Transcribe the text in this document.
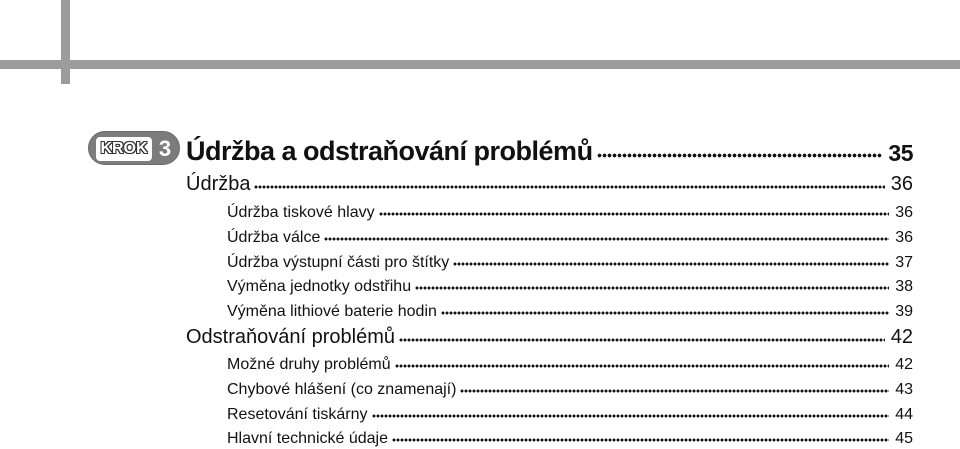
KROK 3 Údržba a odstraňování problémů	35
Údržba	36
Údržba tiskové hlavy	36
Údržba válce	36
Údržba výstupní části pro štítky	37
Výměna jednotky odstřihu	38
Výměna lithiové baterie hodin	39
Odstraňování problémů	42
Možné druhy problémů	42
Chybové hlášení (co znamenají)	43
Resetování tiskárny	44
Hlavní technické údaje	45
